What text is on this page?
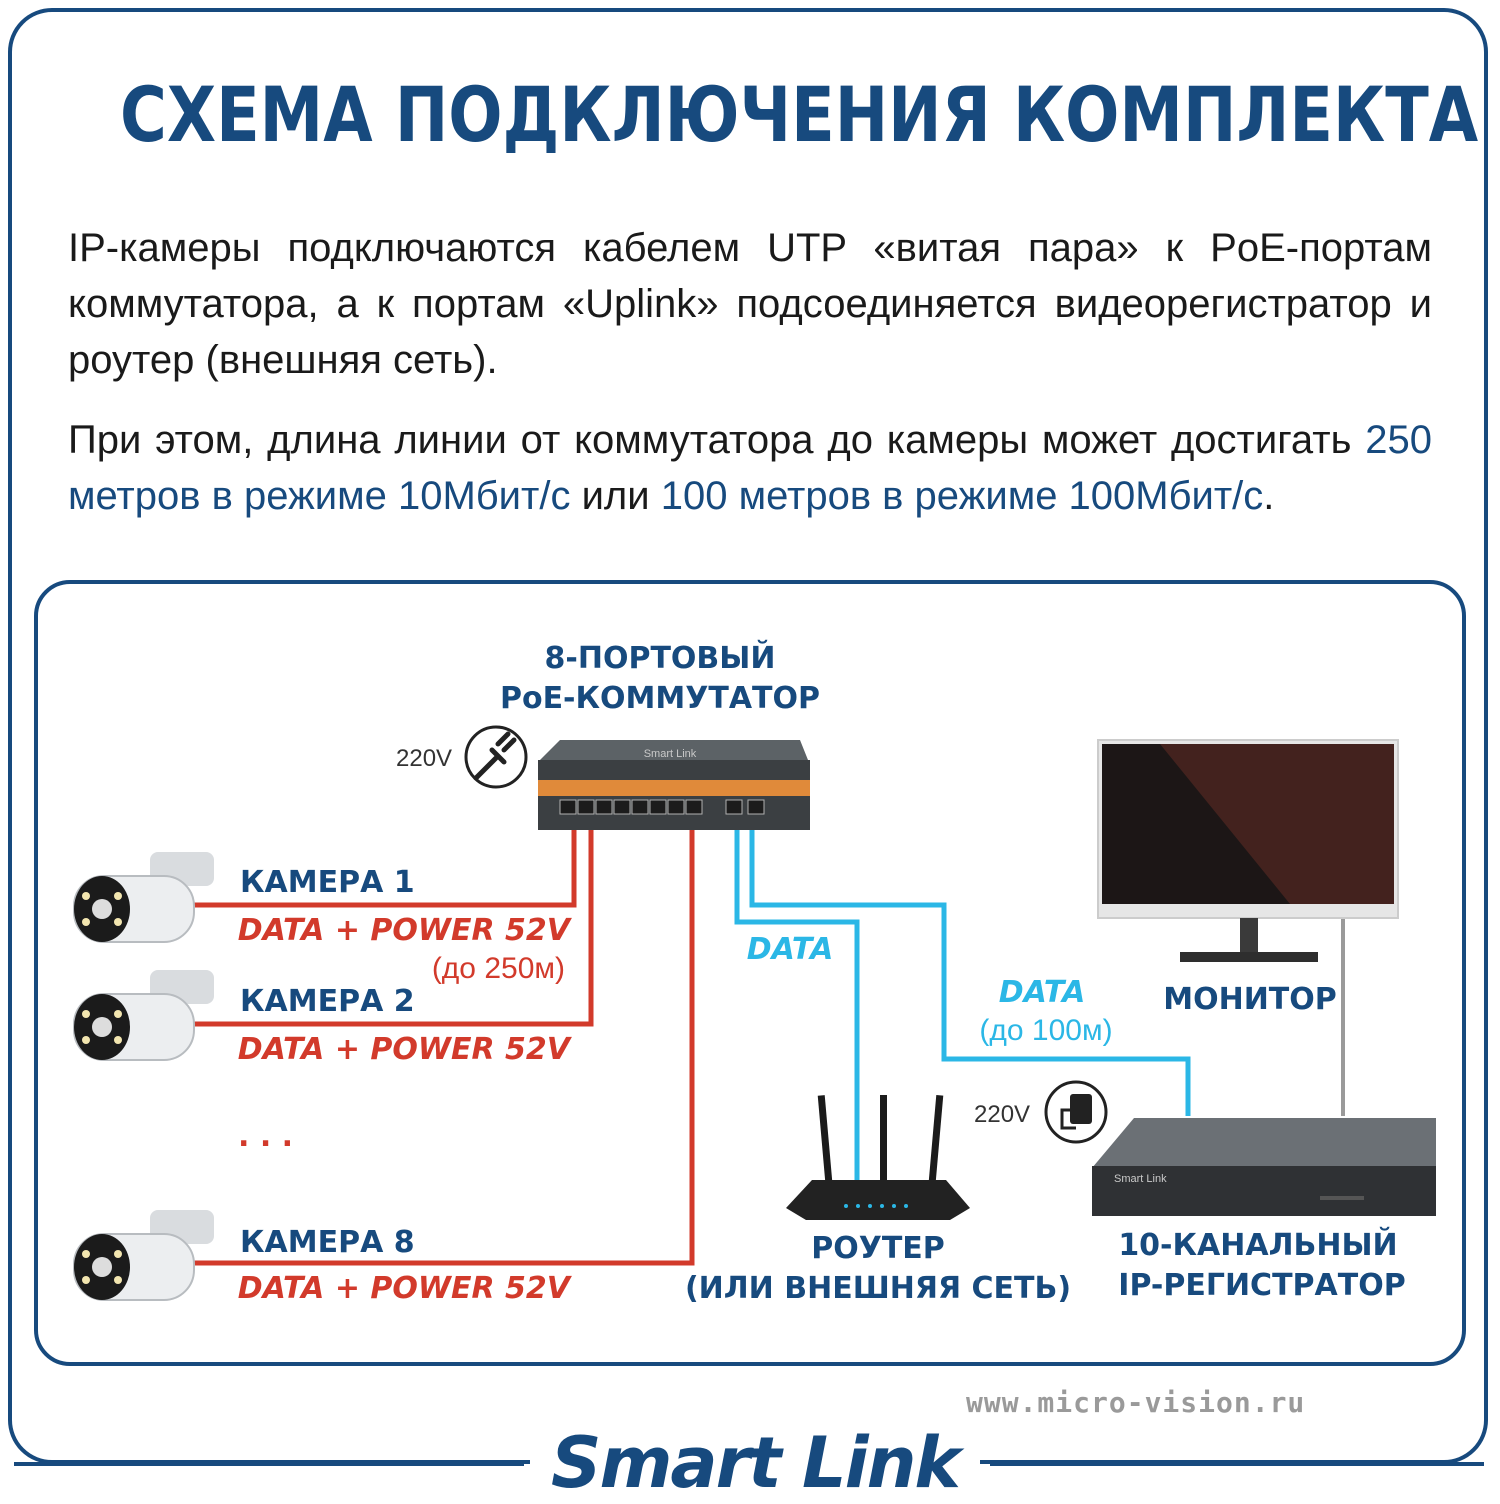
СХЕМА ПОДКЛЮЧЕНИЯ КОМПЛЕКТА
IP-камеры подключаются кабелем UTP «витая пара» к PoE-портам коммутатора, а к портам «Uplink» подсоединяется видеорегистратор и роутер (внешняя сеть).
При этом, длина линии от коммутатора до камеры может достигать 250 метров в режиме 10Мбит/с или 100 метров в режиме 100Мбит/с.
Smart Link
8-ПОРТОВЫЙ
PoE-КОММУТАТОР
220V
КАМЕРА 1
DATA + POWER 52V
(до 250м)
КАМЕРА 2
DATA + POWER 52V
. . .
КАМЕРА 8
DATA + POWER 52V
DATA
РОУТЕР
(ИЛИ ВНЕШНЯЯ СЕТЬ)
МОНИТОР
Smart Link
DATA
(до 100м)
220V
10-КАНАЛЬНЫЙ
IP-РЕГИСТРАТОР
www.micro-vision.ru
Smart Link
